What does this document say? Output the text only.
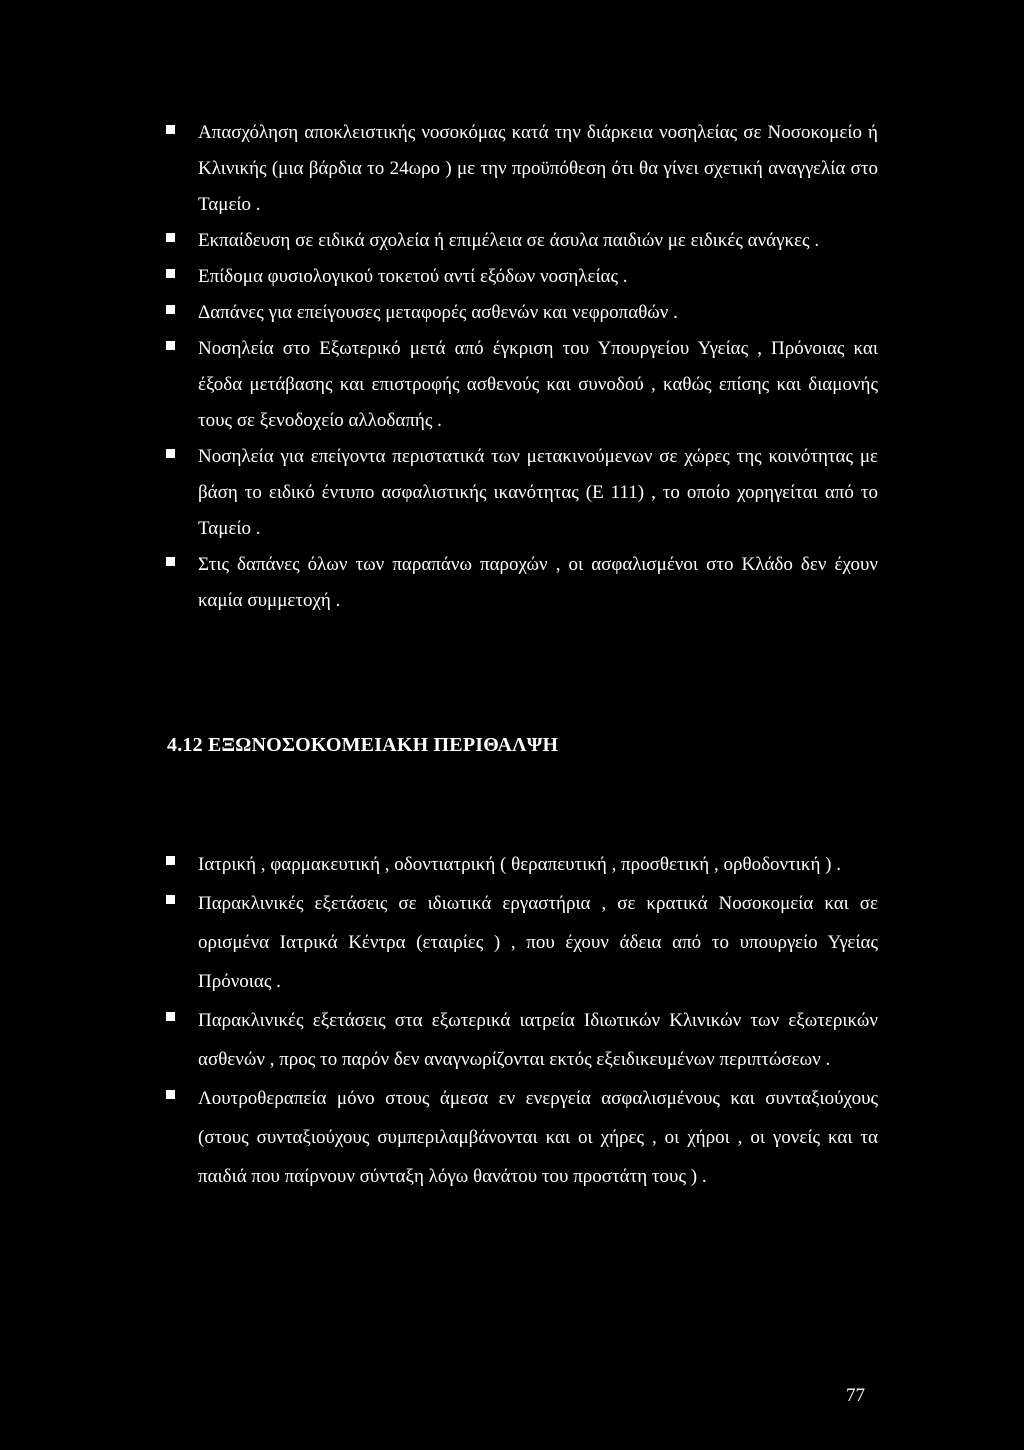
Απασχόληση αποκλειστικής νοσοκόμας κατά την διάρκεια νοσηλείας σε Νοσοκομείο ή Κλινικής (μια βάρδια το 24ωρο ) με την προϋπόθεση ότι θα γίνει σχετική αναγγελία στο Ταμείο .
Εκπαίδευση σε ειδικά σχολεία ή επιμέλεια σε άσυλα παιδιών με ειδικές ανάγκες .
Επίδομα φυσιολογικού τοκετού αντί εξόδων νοσηλείας .
Δαπάνες για επείγουσες μεταφορές ασθενών και νεφροπαθών .
Νοσηλεία στο Εξωτερικό μετά από έγκριση του Υπουργείου Υγείας , Πρόνοιας και έξοδα μετάβασης και επιστροφής ασθενούς και συνοδού , καθώς επίσης και διαμονής τους σε ξενοδοχείο αλλοδαπής .
Νοσηλεία για επείγοντα περιστατικά των μετακινούμενων σε χώρες της κοινότητας με βάση το ειδικό έντυπο ασφαλιστικής ικανότητας (Ε 111) , το οποίο χορηγείται από το Ταμείο .
Στις δαπάνες όλων των παραπάνω παροχών , οι ασφαλισμένοι στο Κλάδο δεν έχουν καμία συμμετοχή .
4.12 ΕΞΩΝΟΣΟΚΟΜΕΙΑΚΗ ΠΕΡΙΘΑΛΨΗ
Ιατρική , φαρμακευτική , οδοντιατρική ( θεραπευτική , προσθετική , ορθοδοντική ) .
Παρακλινικές εξετάσεις σε ιδιωτικά εργαστήρια , σε κρατικά Νοσοκομεία και σε ορισμένα Ιατρικά Κέντρα (εταιρίες ) , που έχουν άδεια από το υπουργείο Υγείας Πρόνοιας .
Παρακλινικές εξετάσεις στα εξωτερικά ιατρεία Ιδιωτικών Κλινικών των εξωτερικών ασθενών , προς το παρόν δεν αναγνωρίζονται εκτός εξειδικευμένων περιπτώσεων .
Λουτροθεραπεία μόνο στους άμεσα εν ενεργεία ασφαλισμένους και συνταξιούχους (στους συνταξιούχους συμπεριλαμβάνονται και οι χήρες , οι χήροι , οι γονείς και τα παιδιά που παίρνουν σύνταξη λόγω θανάτου του προστάτη τους ) .
77
